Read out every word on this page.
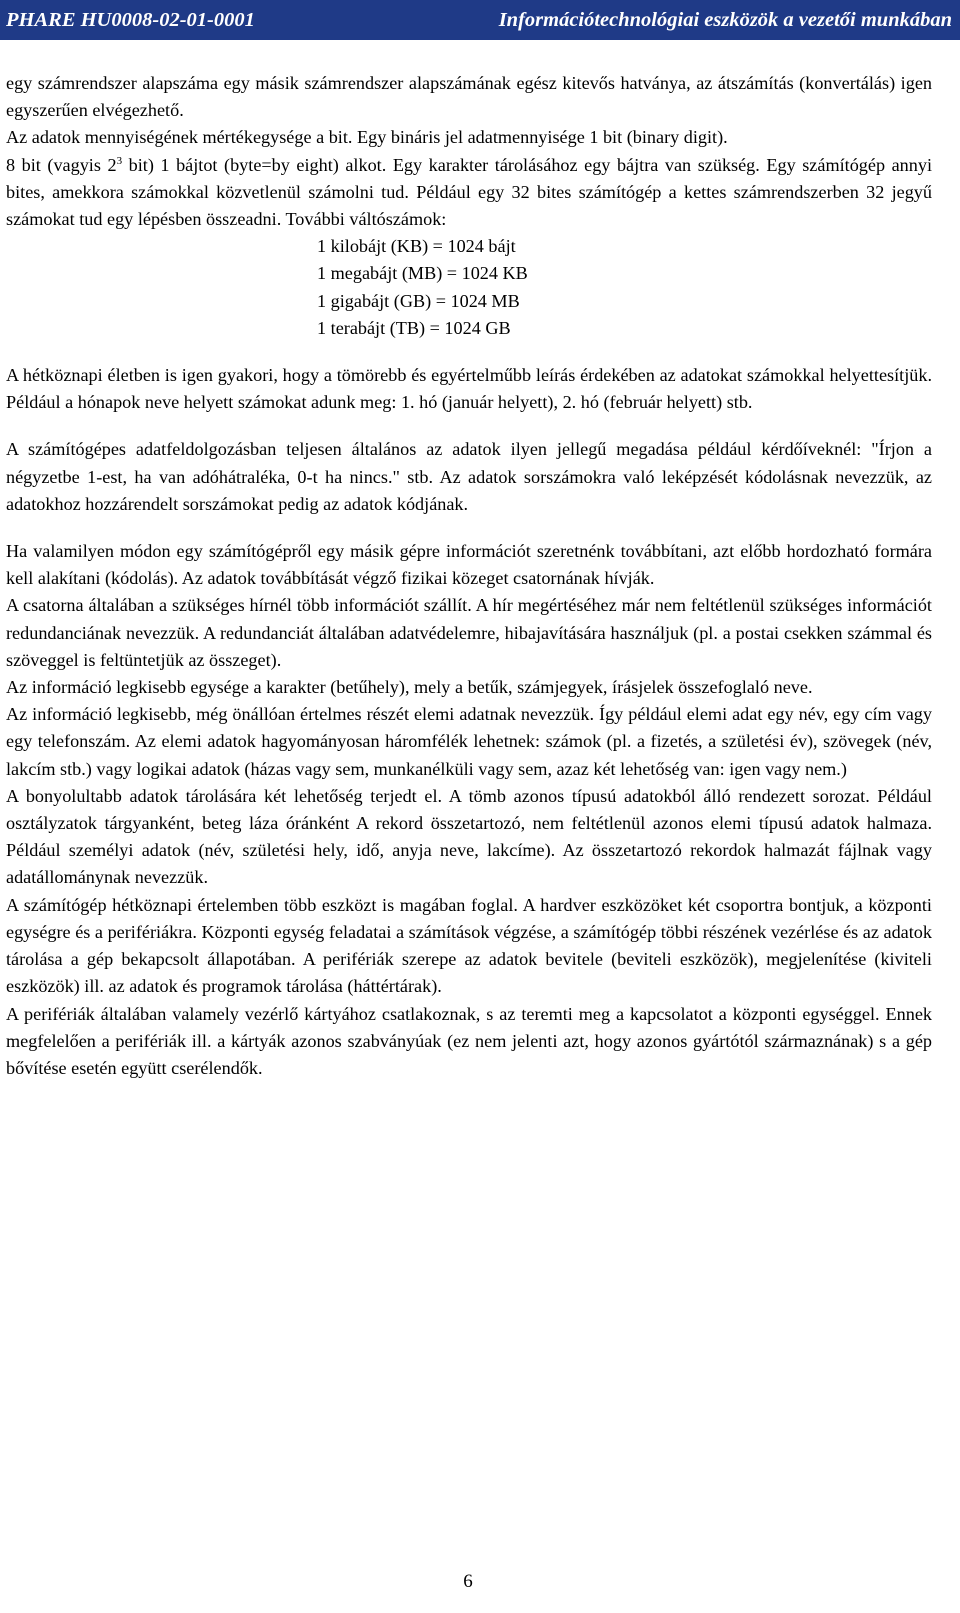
PHARE HU0008-02-01-0001	Információtechnológiai eszközök a vezetői munkában

egy számrendszer alapszáma egy másik számrendszer alapszámának egész kitevős hatványa, az átszámítás (konvertálás) igen egyszerűen elvégezhető.

Az adatok mennyiségének mértékegysége a bit. Egy bináris jel adatmennyisége 1 bit (binary digit).

8 bit (vagyis $2^3$ bit) 1 bájtot (byte=by eight) alkot. Egy karakter tárolásához egy bájtra van szükség. Egy számítógép annyi bites, amekkora számokkal közvetlenül számolni tud. Például egy 32 bites számítógép a kettes számrendszerben 32 jegyű számokat tud egy lépésben összeadni. További váltószámok:

1 kilobájt (KB) = 1024 bájt
1 megabájt (MB) = 1024 KB
1 gigabájt (GB) = 1024 MB
1 terabájt (TB) = 1024 GB

A hétköznapi életben is igen gyakori, hogy a tömörebb és egyértelműbb leírás érdekében az adatokat számokkal helyettesítjük. Például a hónapok neve helyett számokat adunk meg: 1. hó (január helyett), 2. hó (február helyett) stb.

A számítógépes adatfeldolgozásban teljesen általános az adatok ilyen jellegű megadása például kérdőíveknél: "Írjon a négyzetbe 1-est, ha van adóhátraléka, 0-t ha nincs." stb. Az adatok sorszámokra való leképzését kódolásnak nevezzük, az adatokhoz hozzárendelt sorszámokat pedig az adatok kódjának.

Ha valamilyen módon egy számítógépről egy másik gépre információt szeretnénk továbbítani, azt előbb hordozható formára kell alakítani (kódolás). Az adatok továbbítását végző fizikai közeget csatornának hívják.

A csatorna általában a szükséges hírnél több információt szállít. A hír megértéséhez már nem feltétlenül szükséges információt redundanciának nevezzük. A redundanciát általában adatvédelemre, hibajavítására használjuk (pl. a postai csekken számmal és szöveggel is feltüntetjük az összeget).

Az információ legkisebb egysége a karakter (betűhely), mely a betűk, számjegyek, írásjelek összefoglaló neve.

Az információ legkisebb, még önállóan értelmes részét elemi adatnak nevezzük. Így például elemi adat egy név, egy cím vagy egy telefonszám. Az elemi adatok hagyományosan háromfélék lehetnek: számok (pl. a fizetés, a születési év), szövegek (név, lakcím stb.) vagy logikai adatok (házas vagy sem, munkanélküli vagy sem, azaz két lehetőség van: igen vagy nem.)

A bonyolultabb adatok tárolására két lehetőség terjedt el. A tömb azonos típusú adatokból álló rendezett sorozat. Például osztályzatok tárgyanként, beteg láza óránként A rekord összetartozó, nem feltétlenül azonos elemi típusú adatok halmaza. Például személyi adatok (név, születési hely, idő, anyja neve, lakcíme). Az összetartozó rekordok halmazát fájlnak vagy adatállománynak nevezzük.

A számítógép hétköznapi értelemben több eszközt is magában foglal. A hardver eszközöket két csoportra bontjuk, a központi egységre és a perifériákra. Központi egység feladatai a számítások végzése, a számítógép többi részének vezérlése és az adatok tárolása a gép bekapcsolt állapotában. A perifériák szerepe az adatok bevitele (beviteli eszközök), megjelenítése (kiviteli eszközök) ill. az adatok és programok tárolása (háttértárak).

A perifériák általában valamely vezérlő kártyához csatlakoznak, s az teremti meg a kapcsolatot a központi egységgel. Ennek megfelelően a perifériák ill. a kártyák azonos szabványúak (ez nem jelenti azt, hogy azonos gyártótól származnának) s a gép bővítése esetén együtt cserélendők.

6
